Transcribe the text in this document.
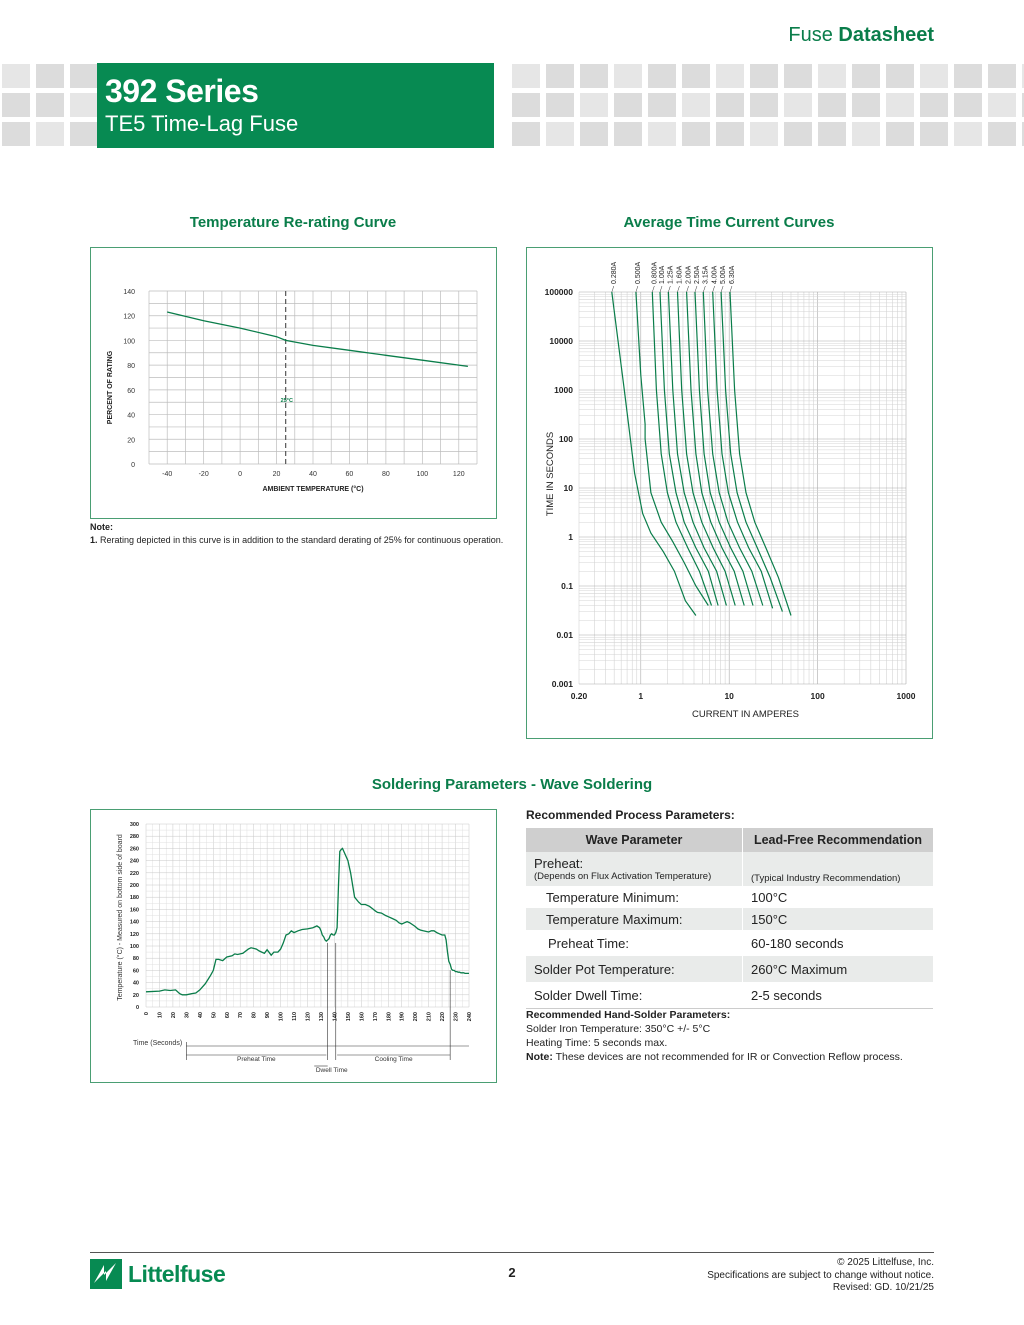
Fuse Datasheet
392 Series
TE5 Time-Lag Fuse
Temperature Re-rating Curve
-40	-20	0	20	40	60	80	100	120
0
20
40
60
80
100
120
140
AMBIENT TEMPERATURE (°C)
PERCENT OF RATING	25°C
Note:
1. Rerating depicted in this curve is in addition to the standard derating of 25% for continuous operation.
Average Time Current Curves
0.20	1	10	100	1000
100000
10000
1000
100
10
1
0.1
0.01
0.001
CURRENT IN AMPERES
TIME IN SECONDS
0.280A 0.500A 0.800A 1.00A 1.25A 1.60A 2.00A 2.50A 3.15A 4.00A 5.00A 6.30A
Soldering Parameters - Wave Soldering
0
20
40
60
80
100
120
140
160
180
200
220
240
260
280
300
0 10 20 30 40 50 60 70 80 90 100 110 120 130 140 150 160 170 180 190 200 210 220 230 240
Temperature (°C) - Measured on bottom side of board
Time (Seconds)
Preheat Time	Cooling Time
Dwell Time
Recommended Process Parameters:
Wave Parameter	Lead-Free Recommendation

Preheat:
(Depends on Flux Activation Temperature)	(Typical Industry Recommendation)

Temperature Minimum:	100°C
Temperature Maximum:	150°C
Preheat Time:	60-180 seconds
Solder Pot Temperature:	260°C Maximum
Solder Dwell Time:	2-5 seconds
Recommended Hand-Solder Parameters:
Solder Iron Temperature: 350°C +/- 5°C
Heating Time: 5 seconds max.
Note: These devices are not recommended for IR or Convection Reflow process.
Littelfuse	2
© 2025 Littelfuse, Inc.
Specifications are subject to change without notice.
Revised: GD. 10/21/25
